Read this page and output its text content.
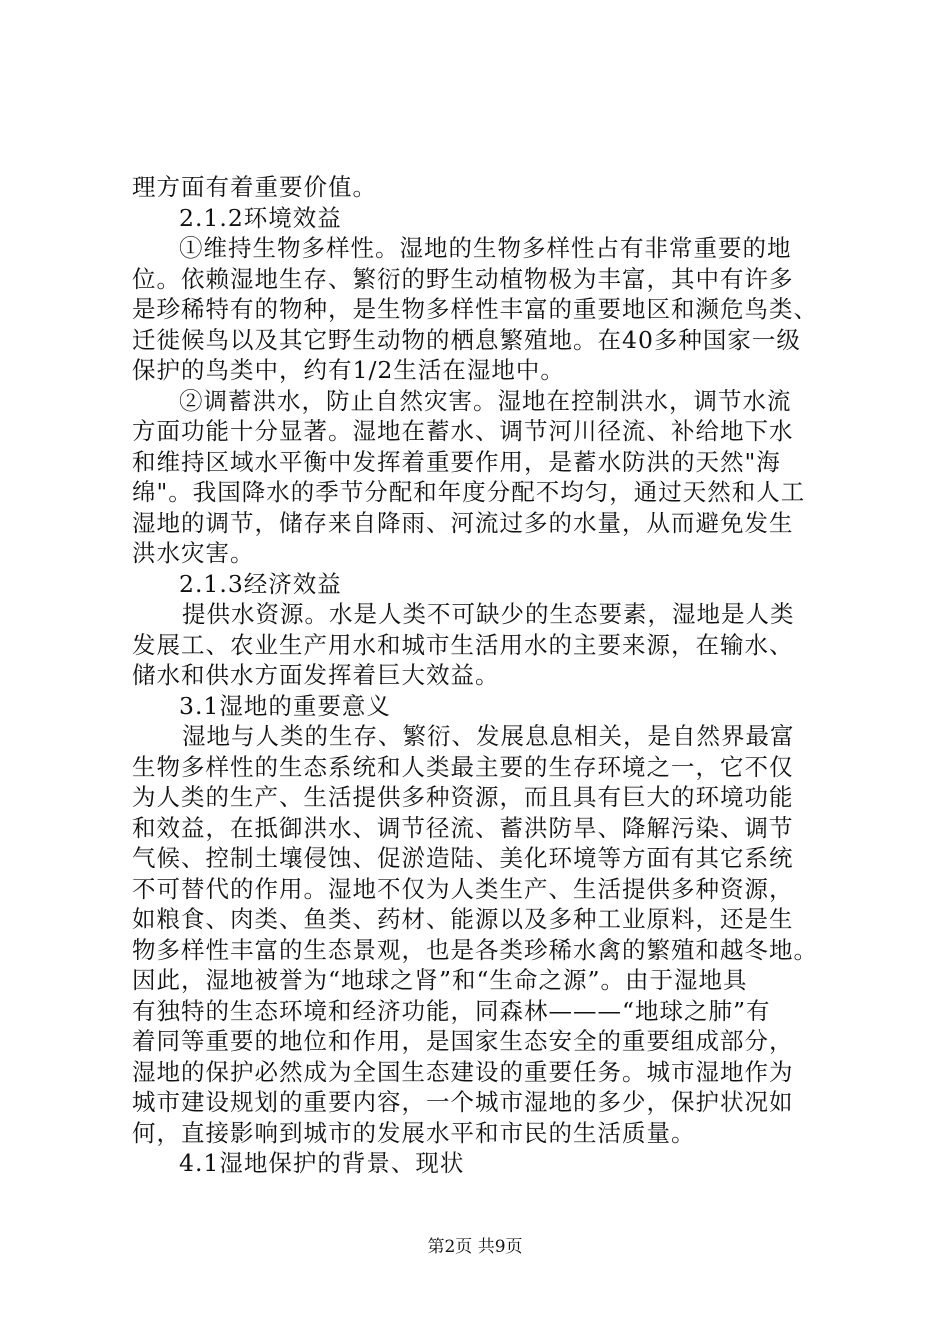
理方面有着重要价值。
2.1.2环境效益
①维持生物多样性。湿地的生物多样性占有非常重要的地
位。依赖湿地生存、繁衍的野生动植物极为丰富，其中有许多
是珍稀特有的物种，是生物多样性丰富的重要地区和濒危鸟类、
迁徙候鸟以及其它野生动物的栖息繁殖地。在40多种国家一级
保护的鸟类中，约有1/2生活在湿地中。
②调蓄洪水，防止自然灾害。湿地在控制洪水，调节水流
方面功能十分显著。湿地在蓄水、调节河川径流、补给地下水
和维持区域水平衡中发挥着重要作用，是蓄水防洪的天然"海
绵"。我国降水的季节分配和年度分配不均匀，通过天然和人工
湿地的调节，储存来自降雨、河流过多的水量，从而避免发生
洪水灾害。
2.1.3经济效益
提供水资源。水是人类不可缺少的生态要素，湿地是人类
发展工、农业生产用水和城市生活用水的主要来源，在输水、
储水和供水方面发挥着巨大效益。
3.1湿地的重要意义
湿地与人类的生存、繁衍、发展息息相关，是自然界最富
生物多样性的生态系统和人类最主要的生存环境之一，它不仅
为人类的生产、生活提供多种资源，而且具有巨大的环境功能
和效益，在抵御洪水、调节径流、蓄洪防旱、降解污染、调节
气候、控制土壤侵蚀、促淤造陆、美化环境等方面有其它系统
不可替代的作用。湿地不仅为人类生产、生活提供多种资源，
如粮食、肉类、鱼类、药材、能源以及多种工业原料，还是生
物多样性丰富的生态景观，也是各类珍稀水禽的繁殖和越冬地。
因此，湿地被誉为“地球之肾”和“生命之源”。由于湿地具
有独特的生态环境和经济功能，同森林———“地球之肺”有
着同等重要的地位和作用，是国家生态安全的重要组成部分，
湿地的保护必然成为全国生态建设的重要任务。城市湿地作为
城市建设规划的重要内容，一个城市湿地的多少，保护状况如
何，直接影响到城市的发展水平和市民的生活质量。
4.1湿地保护的背景、现状
第2页 共9页
